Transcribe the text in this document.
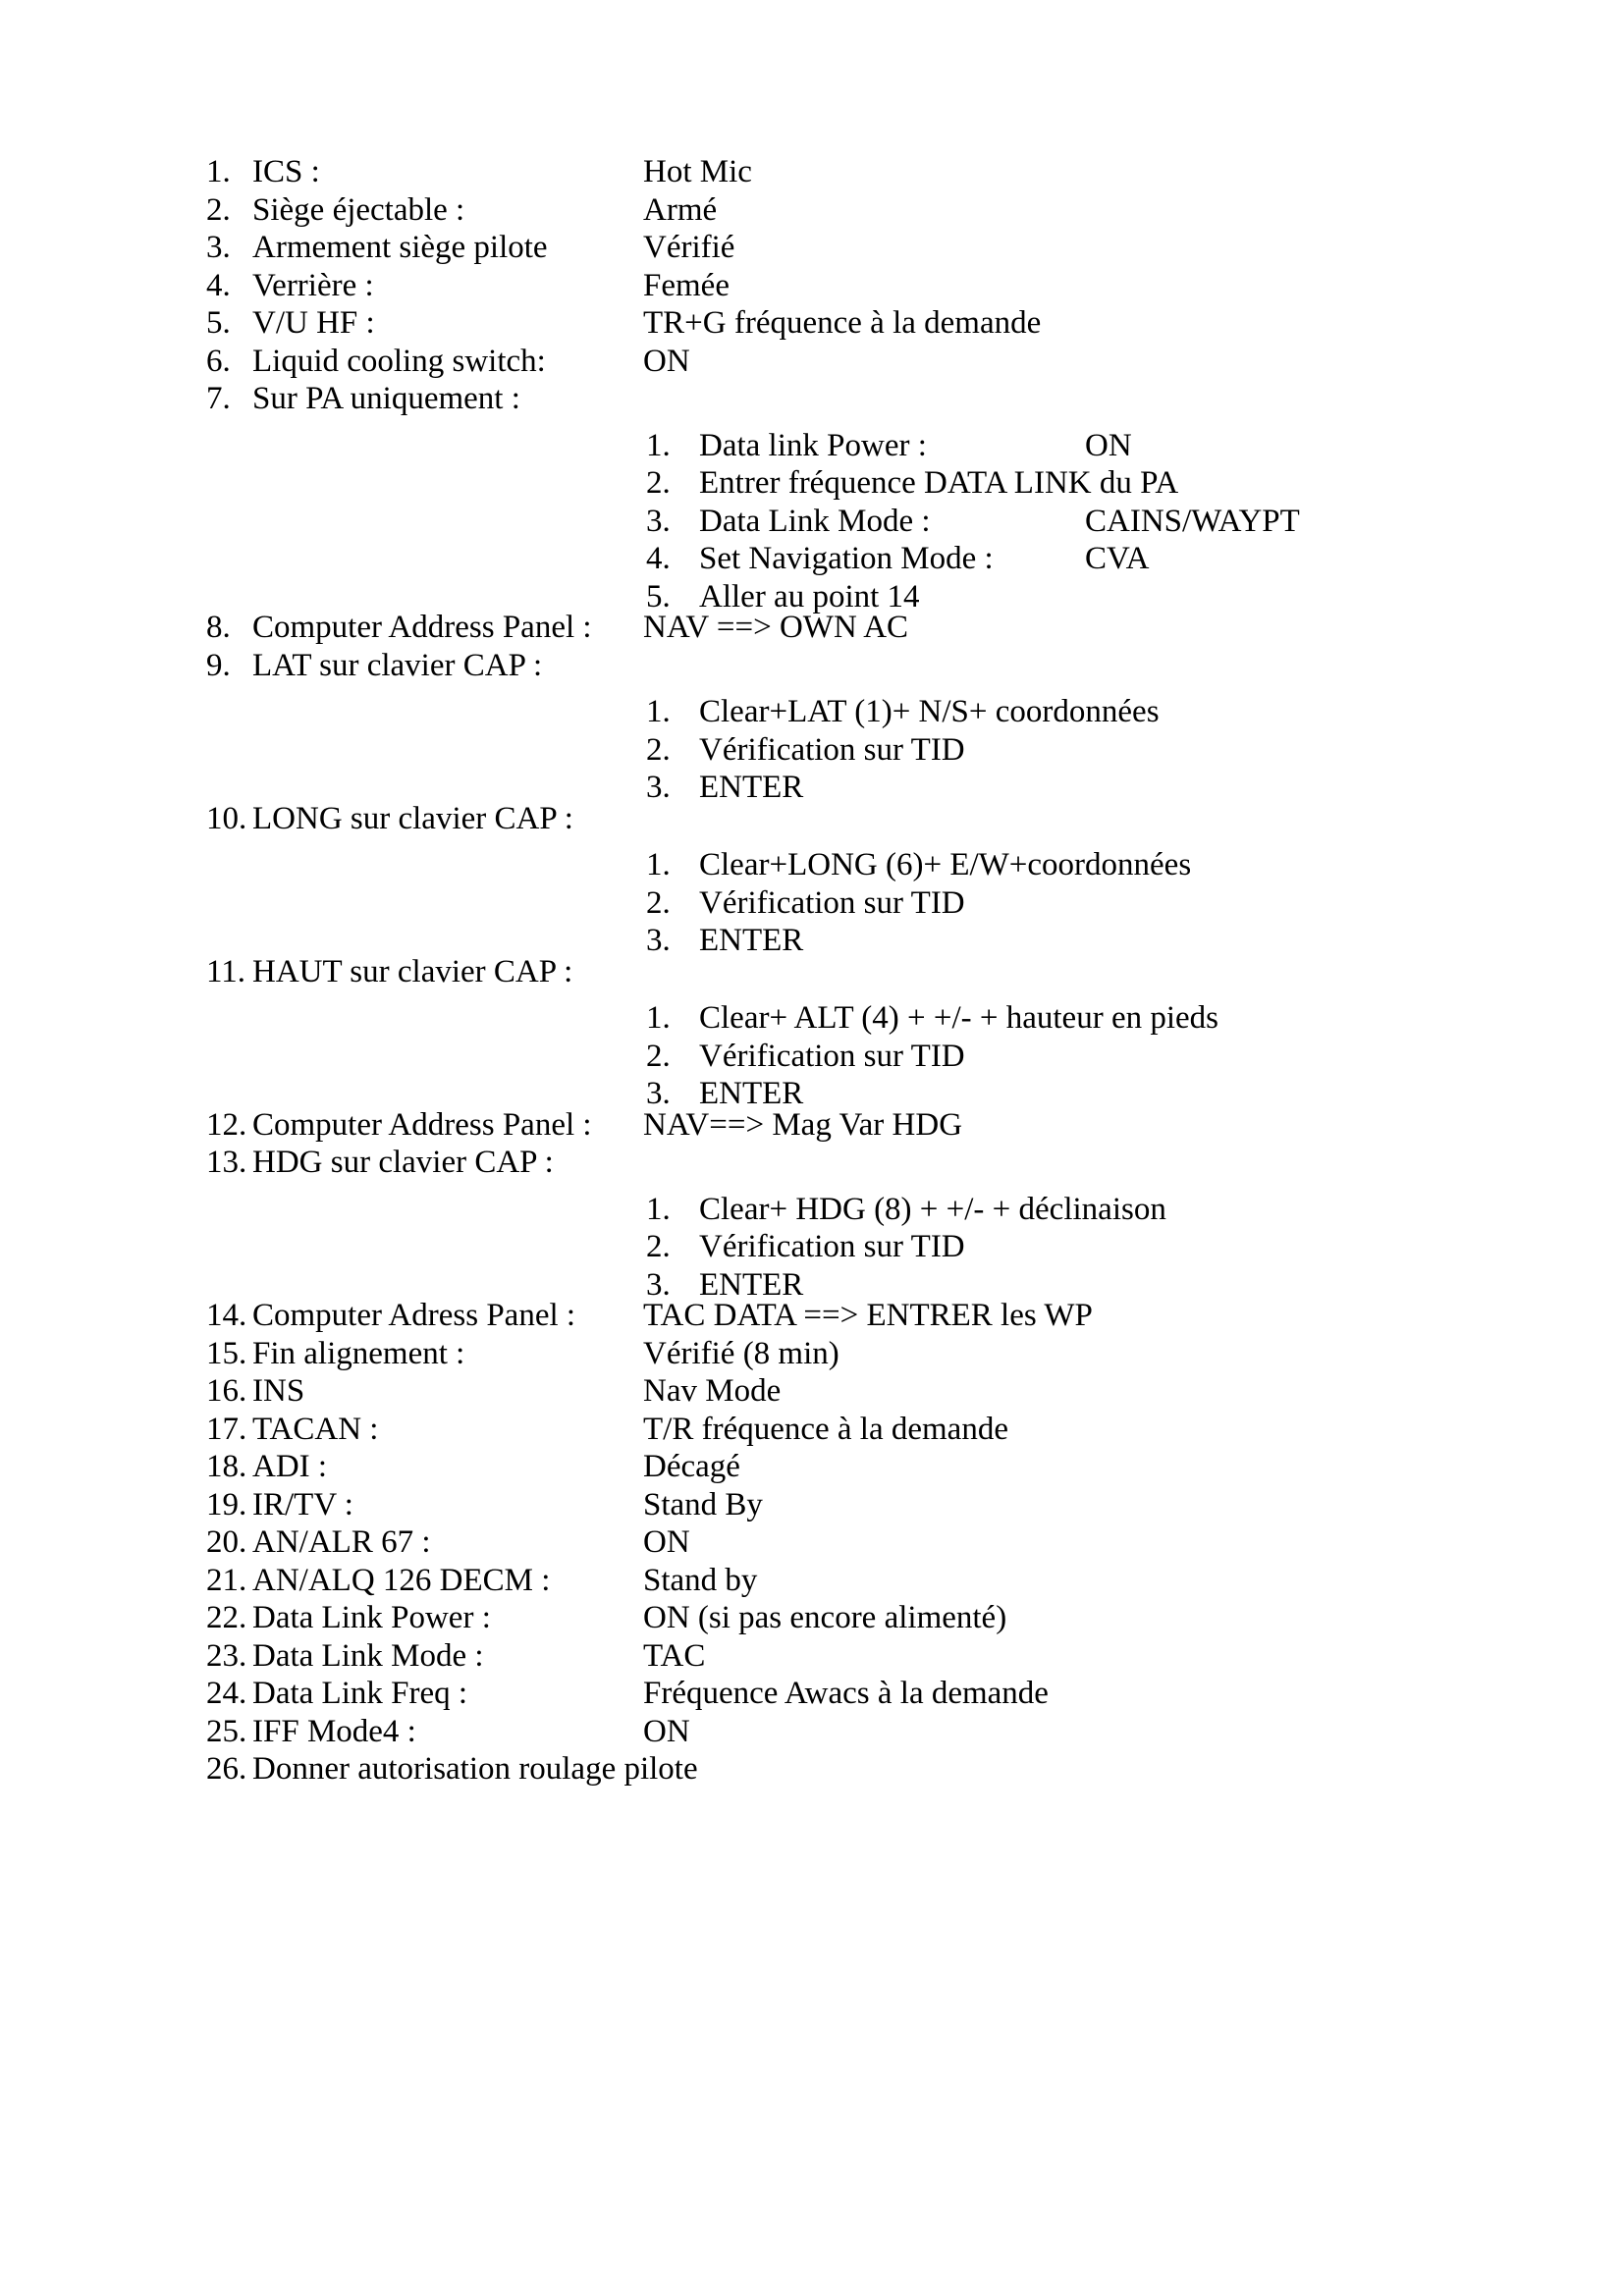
1. ICS :	Hot Mic
2. Siège éjectable :	Armé
3. Armement siège pilote	Vérifié
4. Verrière :	Femée
5. V/U HF :	TR+G fréquence à la demande
6. Liquid cooling switch:	ON
7. Sur PA uniquement :
1. Data link Power :	ON
2. Entrer fréquence DATA LINK du PA
3. Data Link Mode :	CAINS/WAYPT
4. Set Navigation Mode :	CVA
5. Aller au point 14
8. Computer Address Panel : NAV ==> OWN AC
9. LAT sur clavier CAP :
1. Clear+LAT (1)+ N/S+ coordonnées
2. Vérification sur TID
3. ENTER
10. LONG sur clavier CAP :
1. Clear+LONG (6)+ E/W+coordonnées
2. Vérification sur TID
3. ENTER
11. HAUT sur clavier CAP :
1. Clear+ ALT (4) + +/- + hauteur en pieds
2. Vérification sur TID
3. ENTER
12. Computer Address Panel : NAV==> Mag Var HDG
13. HDG sur clavier CAP :
1. Clear+ HDG (8) + +/- + déclinaison
2. Vérification sur TID
3. ENTER
14. Computer Adress Panel : TAC DATA ==> ENTRER les WP
15. Fin alignement :	Vérifié (8 min)
16. INS	Nav Mode
17. TACAN :	T/R fréquence à la demande
18. ADI :	Décagé
19. IR/TV :	Stand By
20. AN/ALR 67 :	ON
21. AN/ALQ 126 DECM :	Stand by
22. Data Link Power :	ON (si pas encore alimenté)
23. Data Link Mode :	TAC
24. Data Link Freq :	Fréquence Awacs à la demande
25. IFF Mode4 :	ON
26. Donner autorisation roulage pilote
